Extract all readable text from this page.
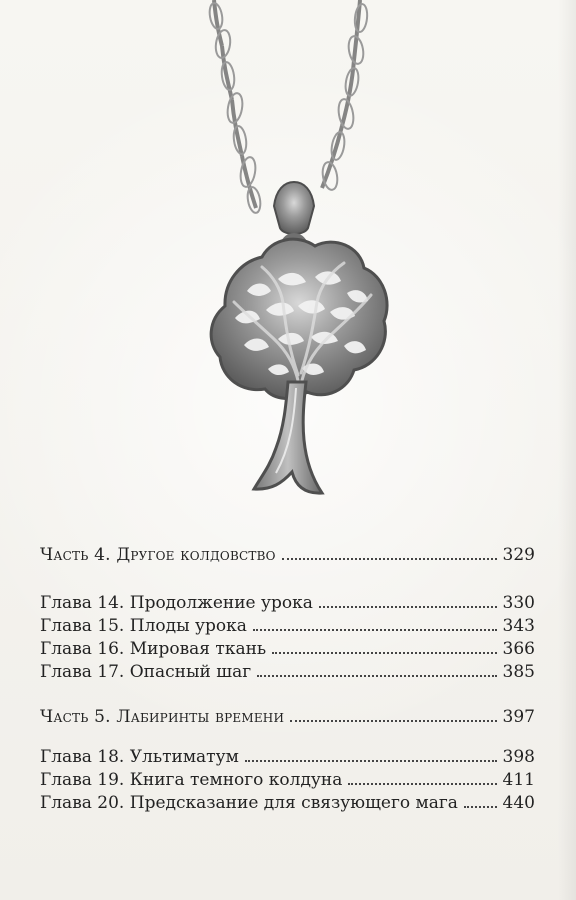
Часть 4. Другое колдовство	329
Глава 14. Продолжение урока	330
Глава 15. Плоды урока	343
Глава 16. Мировая ткань	366
Глава 17. Опасный шаг	385
Часть 5. Лабиринты времени	397
Глава 18. Ультиматум	398
Глава 19. Книга темного колдуна	411
Глава 20. Предсказание для связующего мага	440
